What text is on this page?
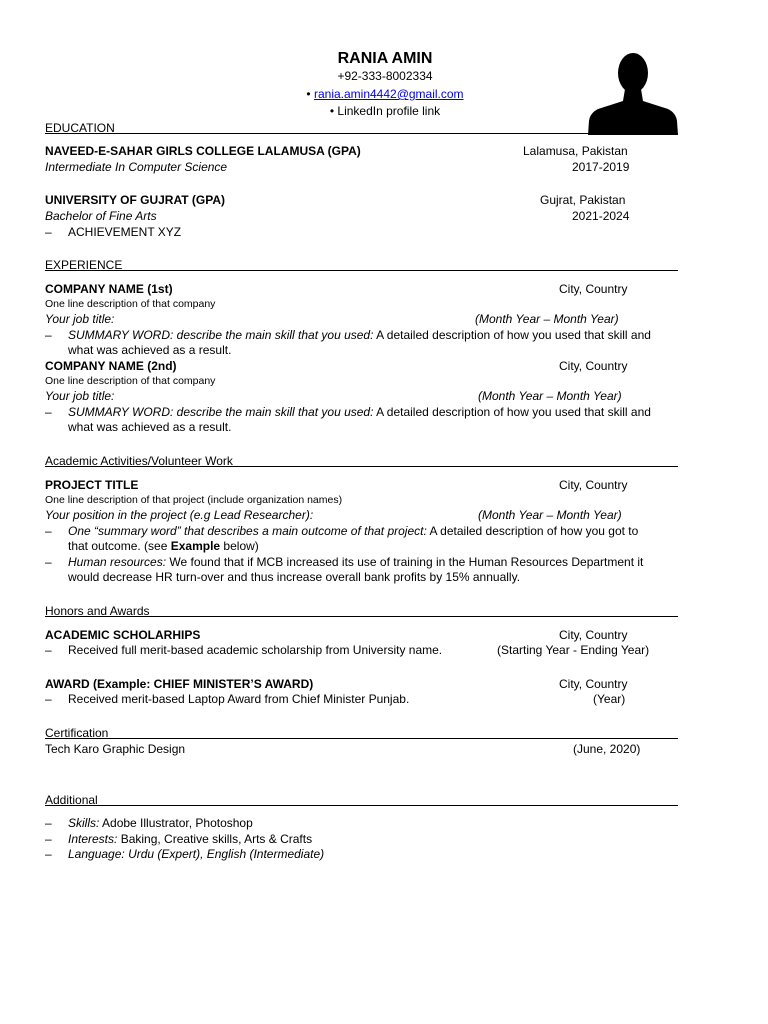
RANIA AMIN
+92-333-8002334
• rania.amin4442@gmail.com
• LinkedIn profile link
EDUCATION
NAVEED-E-SAHAR GIRLS COLLEGE LALAMUSA (GPA)	Lalamusa, Pakistan
Intermediate In Computer Science	2017-2019
UNIVERSITY OF GUJRAT (GPA)	Gujrat, Pakistan
Bachelor of Fine Arts	2021-2024
– ACHIEVEMENT XYZ
EXPERIENCE
COMPANY NAME (1st)	City, Country
One line description of that company
Your job title:	(Month Year – Month Year)
– SUMMARY WORD: describe the main skill that you used: A detailed description of how you used that skill and
what was achieved as a result.
COMPANY NAME (2nd)	City, Country
One line description of that company
Your job title:	(Month Year – Month Year)
– SUMMARY WORD: describe the main skill that you used: A detailed description of how you used that skill and
what was achieved as a result.
Academic Activities/Volunteer Work
PROJECT TITLE	City, Country
One line description of that project (include organization names)
Your position in the project (e.g Lead Researcher):	(Month Year – Month Year)
– One “summary word” that describes a main outcome of that project: A detailed description of how you got to
that outcome. (see Example below)
– Human resources: We found that if MCB increased its use of training in the Human Resources Department it
would decrease HR turn-over and thus increase overall bank profits by 15% annually.
Honors and Awards
ACADEMIC SCHOLARHIPS	City, Country
– Received full merit-based academic scholarship from University name.	(Starting Year - Ending Year)
AWARD (Example: CHIEF MINISTER’S AWARD)	City, Country
– Received merit-based Laptop Award from Chief Minister Punjab.	(Year)
Certification
Tech Karo Graphic Design	(June, 2020)
Additional
– Skills: Adobe Illustrator, Photoshop
– Interests: Baking, Creative skills, Arts & Crafts
– Language: Urdu (Expert), English (Intermediate)
